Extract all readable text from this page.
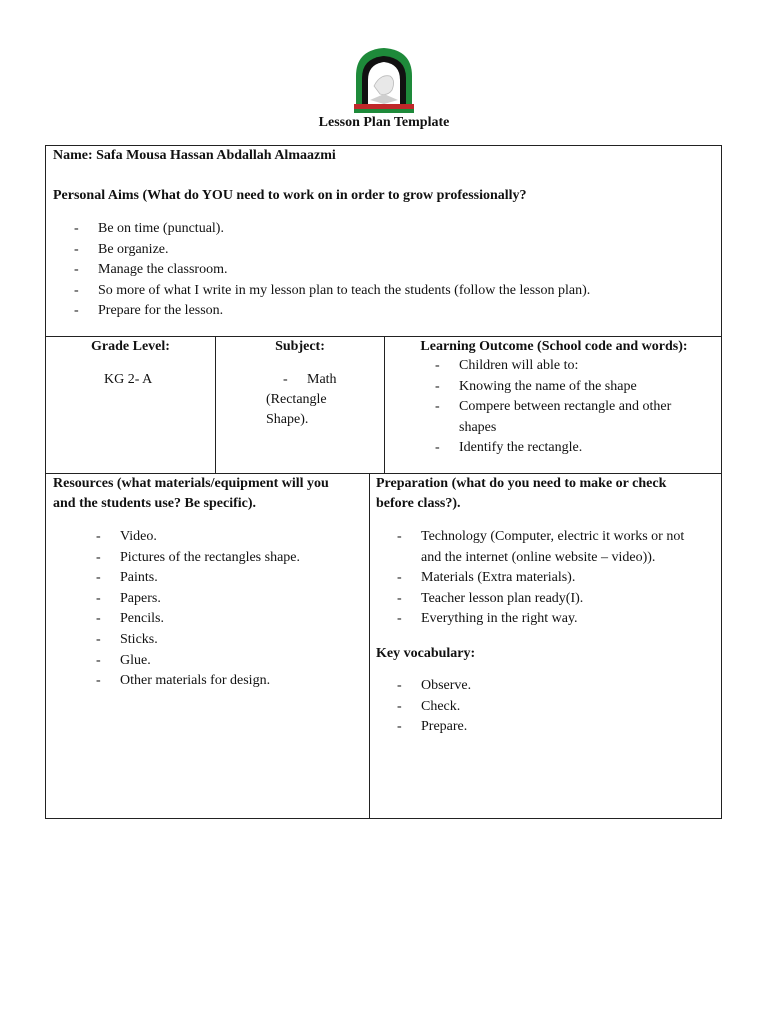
Lesson Plan Template
Name: Safa Mousa Hassan Abdallah Almaazmi
Personal Aims (What do YOU need to work on in order to grow professionally?
- Be on time (punctual).
- Be organize.
- Manage the classroom.
- So more of what I write in my lesson plan to teach the students (follow the lesson plan).
- Prepare for the lesson.
Grade Level:
KG 2- A
Subject:
- Math
(Rectangle
Shape).
Learning Outcome (School code and words):
- Children will able to:
- Knowing the name of the shape
- Compere between rectangle and other
shapes
- Identify the rectangle.
Resources (what materials/equipment will you
and the students use? Be specific).
- Video.
- Pictures of the rectangles shape.
- Paints.
- Papers.
- Pencils.
- Sticks.
- Glue.
- Other materials for design.
Preparation (what do you need to make or check
before class?).
- Technology (Computer, electric it works or not
and the internet (online website – video)).
- Materials (Extra materials).
- Teacher lesson plan ready(I).
- Everything in the right way.
Key vocabulary:
- Observe.
- Check.
- Prepare.
